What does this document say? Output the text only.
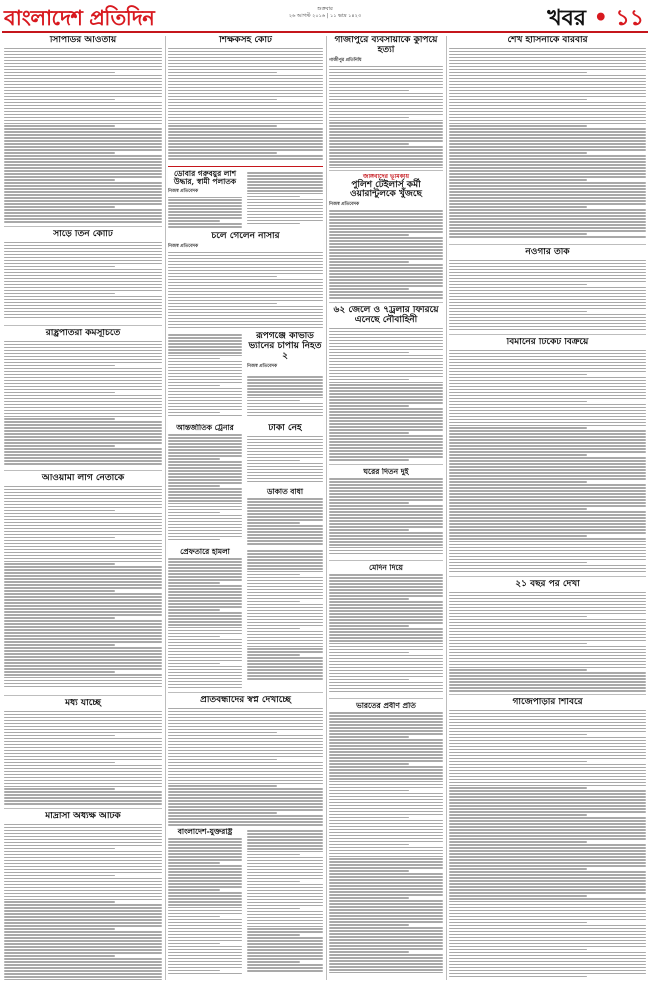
বাংলাদেশ প্রতিদিন	শুক্রবার
২৬ আগস্ট ২০১৬ | ১১ ভাদ্র ১৪২৩	খবর • ১১
সিপিডির আওতায়
সাড়ে তিন কোটি
রাষ্ট্রপতিরা কর্মসূচিতে
আওয়ামী লীগ নেতাকে
মধ্য যাচ্ছে
মাদ্রাসা অধ্যক্ষ আটক
শিক্ষকসহ কোর্ট
ডোবার গরুবয়ুর লাশ উদ্ধার, স্বামী পলাতক
নিজস্ব প্রতিবেদক
চলে গেলেন নাসার
নিজস্ব প্রতিবেদক
রূপগঞ্জে কার্ভার্ড ভ্যানের চাপায় নিহত ২
নিজস্ব প্রতিবেদক
টাকা নেই
আন্তর্জাতিক ট্রেনার
ডাকাত বাধা
প্রেফতারে হামলা
প্রতিবন্ধীদের স্বপ্ন দেখাচ্ছে
বাংলাদেশ-যুক্তরাষ্ট্র
গাজীপুরে ব্যবসায়ীকে কুপিয়ে হত্যা
গাজীপুর প্রতিনিধি
জঙ্গিবাদের ভূমিকায়
পুলিশ টেইলার্স কর্মী ওয়ারান্টুলকে খুঁজছে
নিজস্ব প্রতিবেদক
৬২ জেলে ও ৭ট্রলার ফিরিয়ে এনেছে নৌবাহিনী
ঘরের দিতন দুই
মেদিন দিয়ে
ভারতের প্রবীণ প্রতি
শেখ হাসিনাকে বারবার
নওগাঁর তর্কি
বিমানের টিকেট বিক্রয়ে
২১ বছর পর দেখা
গাজেপাড়ার শিবিরে
